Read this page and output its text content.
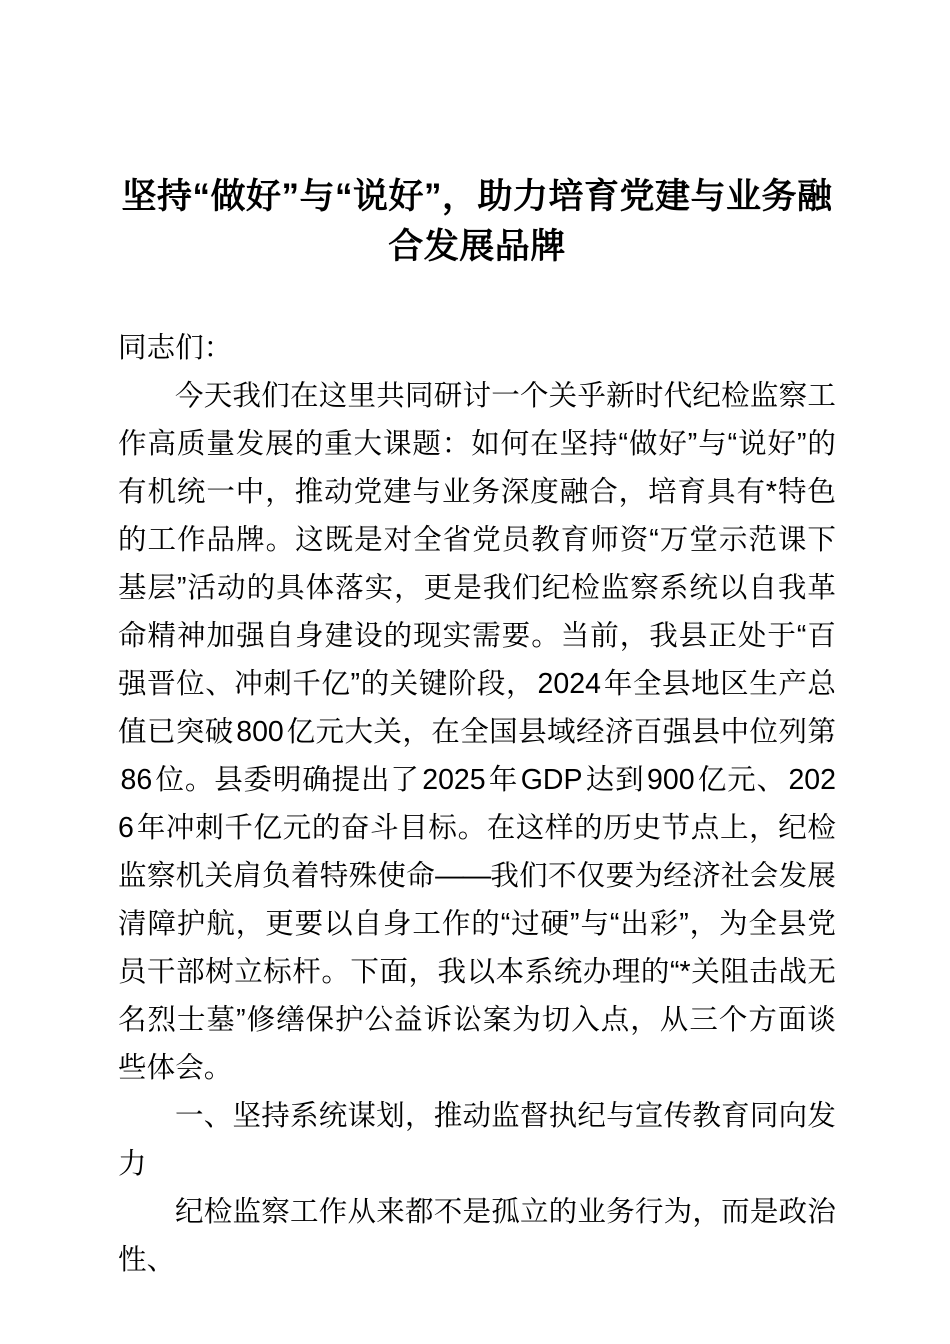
坚持“做好”与“说好”，助力培育党建与业务融合发展品牌

同志们：

今天我们在这里共同研讨一个关乎新时代纪检监察工作高质量发展的重大课题：如何在坚持“做好”与“说好”的有机统一中，推动党建与业务深度融合，培育具有*特色的工作品牌。这既是对全省党员教育师资“万堂示范课下基层”活动的具体落实，更是我们纪检监察系统以自我革命精神加强自身建设的现实需要。当前，我县正处于“百强晋位、冲刺千亿”的关键阶段，2024年全县地区生产总值已突破800亿元大关，在全国县域经济百强县中位列第86位。县委明确提出了2025年GDP达到900亿元、2026年冲刺千亿元的奋斗目标。在这样的历史节点上，纪检监察机关肩负着特殊使命——我们不仅要为经济社会发展清障护航，更要以自身工作的“过硬”与“出彩”，为全县党员干部树立标杆。下面，我以本系统办理的“*关阻击战无名烈士墓”修缮保护公益诉讼案为切入点，从三个方面谈些体会。

一、坚持系统谋划，推动监督执纪与宣传教育同向发力

纪检监察工作从来都不是孤立的业务行为，而是政治性、
